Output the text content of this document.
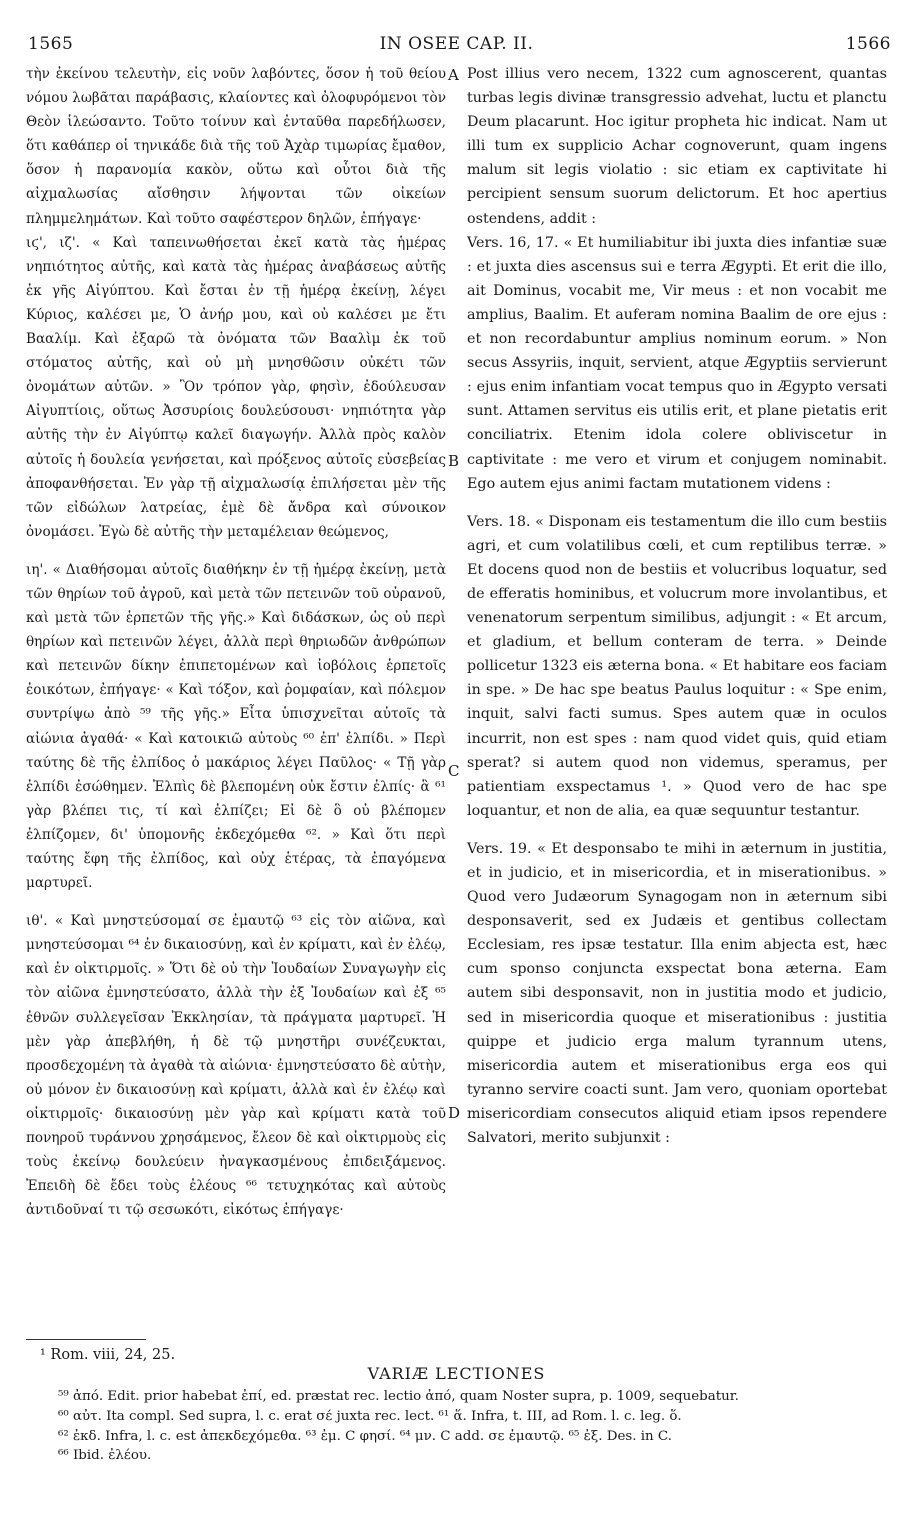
1565	IN OSEE CAP. II.	1566

τὴν ἐκείνου τελευτὴν, εἰς νοῦν λαβόντες, ὅσον ἡ τοῦ θείου νόμου λωβᾶται παράβασις, κλαίοντες καὶ ὀλοφυρόμενοι τὸν Θεὸν ἱλεώσαντο. Τοῦτο τοίνυν καὶ ἐνταῦθα παρεδήλωσεν, ὅτι καθάπερ οἱ τηνικάδε διὰ τῆς τοῦ Ἀχὰρ τιμωρίας ἔμαθον, ὅσον ἡ παρανομία κακὸν, οὕτω καὶ οὗτοι διὰ τῆς αἰχμαλωσίας αἴσθησιν λήψονται τῶν οἰκείων πλημμελημάτων. Καὶ τοῦτο σαφέστερον δηλῶν, ἐπήγαγε·

ιϛ', ιζ'. « Καὶ ταπεινωθήσεται ἐκεῖ κατὰ τὰς ἡμέρας νηπιότητος αὐτῆς, καὶ κατὰ τὰς ἡμέρας ἀναβάσεως αὐτῆς ἐκ γῆς Αἰγύπτου. Καὶ ἔσται ἐν τῇ ἡμέρᾳ ἐκείνῃ, λέγει Κύριος, καλέσει με, Ὁ ἀνήρ μου, καὶ οὐ καλέσει με ἔτι Βααλίμ. Καὶ ἐξαρῶ τὰ ὀνόματα τῶν Βααλὶμ ἐκ τοῦ στόματος αὐτῆς, καὶ οὐ μὴ μνησθῶσιν οὐκέτι τῶν ὀνομάτων αὐτῶν. » Ὃν τρόπον γὰρ, φησὶν, ἐδούλευσαν Αἰγυπτίοις, οὕτως Ἀσσυρίοις δουλεύσουσι· νηπιότητα γὰρ αὐτῆς τὴν ἐν Αἰγύπτῳ καλεῖ διαγωγήν. Ἀλλὰ πρὸς καλὸν αὐτοῖς ἡ δουλεία γενήσεται, καὶ πρόξενος αὐτοῖς εὐσεβείας ἀποφανθήσεται. Ἐν γὰρ τῇ αἰχμαλωσίᾳ ἐπιλήσεται μὲν τῆς τῶν εἰδώλων λατρείας, ἐμὲ δὲ ἄνδρα καὶ σύνοικον ὀνομάσει. Ἐγὼ δὲ αὐτῆς τὴν μεταμέλειαν θεώμενος,

ιη'. « Διαθήσομαι αὐτοῖς διαθήκην ἐν τῇ ἡμέρᾳ ἐκείνῃ, μετὰ τῶν θηρίων τοῦ ἀγροῦ, καὶ μετὰ τῶν πετεινῶν τοῦ οὐρανοῦ, καὶ μετὰ τῶν ἑρπετῶν τῆς γῆς.» Καὶ διδάσκων, ὡς οὐ περὶ θηρίων καὶ πετεινῶν λέγει, ἀλλὰ περὶ θηριωδῶν ἀνθρώπων καὶ πετεινῶν δίκην ἐπιπετομένων καὶ ἰοβόλοις ἑρπετοῖς ἐοικότων, ἐπήγαγε· « Καὶ τόξον, καὶ ῥομφαίαν, καὶ πόλεμον συντρίψω ἀπὸ ⁵⁹ τῆς γῆς.» Εἶτα ὑπισχνεῖται αὐτοῖς τὰ αἰώνια ἀγαθά· « Καὶ κατοικιῶ αὐτοὺς ⁶⁰ ἐπ' ἐλπίδι. » Περὶ ταύτης δὲ τῆς ἐλπίδος ὁ μακάριος λέγει Παῦλος· « Τῇ γὰρ ἐλπίδι ἐσώθημεν. Ἐλπὶς δὲ βλεπομένη οὐκ ἔστιν ἐλπίς· ἃ ⁶¹ γὰρ βλέπει τις, τί καὶ ἐλπίζει; Εἰ δὲ ὃ οὐ βλέπομεν ἐλπίζομεν, δι' ὑπομονῆς ἐκδεχόμεθα ⁶². » Καὶ ὅτι περὶ ταύτης ἔφη τῆς ἐλπίδος, καὶ οὐχ ἑτέρας, τὰ ἐπαγόμενα μαρτυρεῖ.

ιθ'. « Καὶ μνηστεύσομαί σε ἐμαυτῷ ⁶³ εἰς τὸν αἰῶνα, καὶ μνηστεύσομαι ⁶⁴ ἐν δικαιοσύνῃ, καὶ ἐν κρίματι, καὶ ἐν ἐλέῳ, καὶ ἐν οἰκτιρμοῖς. » Ὅτι δὲ οὐ τὴν Ἰουδαίων Συναγωγὴν εἰς τὸν αἰῶνα ἐμνηστεύσατο, ἀλλὰ τὴν ἐξ Ἰουδαίων καὶ ἐξ ⁶⁵ ἐθνῶν συλλεγεῖσαν Ἐκκλησίαν, τὰ πράγματα μαρτυρεῖ. Ἡ μὲν γὰρ ἀπεβλήθη, ἡ δὲ τῷ μνηστῆρι συνέζευκται, προσδεχομένη τὰ ἀγαθὰ τὰ αἰώνια· ἐμνηστεύσατο δὲ αὐτὴν, οὐ μόνον ἐν δικαιοσύνῃ καὶ κρίματι, ἀλλὰ καὶ ἐν ἐλέῳ καὶ οἰκτιρμοῖς· δικαιοσύνῃ μὲν γὰρ καὶ κρίματι κατὰ τοῦ πονηροῦ τυράννου χρησάμενος, ἔλεον δὲ καὶ οἰκτιρμοὺς εἰς τοὺς ἐκείνῳ δουλεύειν ἠναγκασμένους ἐπιδειξάμενος. Ἐπειδὴ δὲ ἔδει τοὺς ἐλέους ⁶⁶ τετυχηκότας καὶ αὐτοὺς ἀντιδοῦναί τι τῷ σεσωκότι, εἰκότως ἐπήγαγε·

A
B
C
D

Post illius vero necem, 1322 cum agnoscerent, quantas turbas legis divinæ transgressio advehat, luctu et planctu Deum placarunt. Hoc igitur propheta hic indicat. Nam ut illi tum ex supplicio Achar cognoverunt, quam ingens malum sit legis violatio : sic etiam ex captivitate hi percipient sensum suorum delictorum. Et hoc apertius ostendens, addit :

Vers. 16, 17. « Et humiliabitur ibi juxta dies infantiæ suæ : et juxta dies ascensus sui e terra Ægypti. Et erit die illo, ait Dominus, vocabit me, Vir meus : et non vocabit me amplius, Baalim. Et auferam nomina Baalim de ore ejus : et non recordabuntur amplius nominum eorum. » Non secus Assyriis, inquit, servient, atque Ægyptiis servierunt : ejus enim infantiam vocat tempus quo in Ægypto versati sunt. Attamen servitus eis utilis erit, et plane pietatis erit conciliatrix. Etenim idola colere obliviscetur in captivitate : me vero et virum et conjugem nominabit. Ego autem ejus animi factam mutationem videns :

Vers. 18. « Disponam eis testamentum die illo cum bestiis agri, et cum volatilibus cœli, et cum reptilibus terræ. » Et docens quod non de bestiis et volucribus loquatur, sed de efferatis hominibus, et volucrum more involantibus, et venenatorum serpentum similibus, adjungit : « Et arcum, et gladium, et bellum conteram de terra. » Deinde pollicetur 1323 eis æterna bona. « Et habitare eos faciam in spe. » De hac spe beatus Paulus loquitur : « Spe enim, inquit, salvi facti sumus. Spes autem quæ in oculos incurrit, non est spes : nam quod videt quis, quid etiam sperat? si autem quod non videmus, speramus, per patientiam exspectamus ¹. » Quod vero de hac spe loquantur, et non de alia, ea quæ sequuntur testantur.

Vers. 19. « Et desponsabo te mihi in æternum in justitia, et in judicio, et in misericordia, et in miserationibus. » Quod vero Judæorum Synagogam non in æternum sibi desponsaverit, sed ex Judæis et gentibus collectam Ecclesiam, res ipsæ testatur. Illa enim abjecta est, hæc cum sponso conjuncta exspectat bona æterna. Eam autem sibi desponsavit, non in justitia modo et judicio, sed in misericordia quoque et miserationibus : justitia quippe et judicio erga malum tyrannum utens, misericordia autem et miserationibus erga eos qui tyranno servire coacti sunt. Jam vero, quoniam oportebat misericordiam consecutos aliquid etiam ipsos rependere Salvatori, merito subjunxit :

¹ Rom. viii, 24, 25.
VARIÆ LECTIONES

⁵⁹ ἀπό. Edit. prior habebat ἐπί, ed. præstat rec. lectio ἀπό, quam Noster supra, p. 1009, sequebatur.

⁶⁰ αὐτ. Ita compl. Sed supra, l. c. erat σέ juxta rec. lect. ⁶¹ ἅ. Infra, t. III, ad Rom. l. c. leg. ὅ.

⁶² ἐκδ. Infra, l. c. est ἀπεκδεχόμεθα. ⁶³ ἐμ. C φησί. ⁶⁴ μν. C add. σε ἐμαυτῷ. ⁶⁵ ἐξ. Des. in C.

⁶⁶ Ibid. ἐλέου.
